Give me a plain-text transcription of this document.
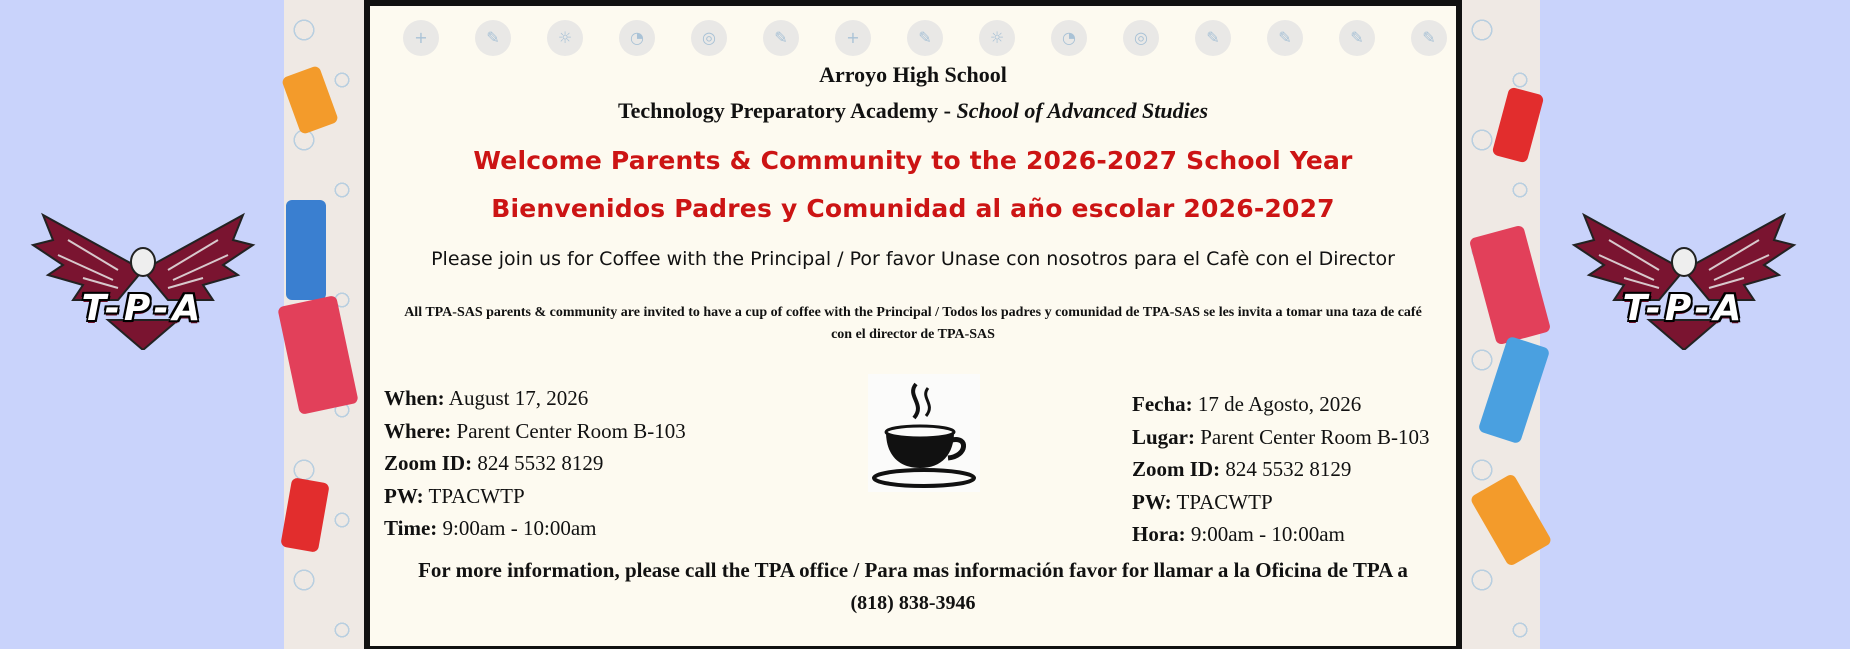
T-P-A	T-P-A
+	✎	☼	◔	◎	✎	+	✎	☼	◔	◎	✎	✎	✎	✎
Arroyo High School
Technology Preparatory Academy - School of Advanced Studies
Welcome Parents & Community to the 2026-2027 School Year
Bienvenidos Padres y Comunidad al año escolar 2026-2027
Please join us for Coffee with the Principal / Por favor Unase con nosotros para el Cafè con el Director
All TPA-SAS parents & community are invited to have a cup of coffee with the Principal / Todos los padres y comunidad de TPA-SAS se les invita a tomar una taza de café con el director de TPA-SAS
When: August 17, 2026
Where: Parent Center Room B-103
Zoom ID: 824 5532 8129
PW: TPACWTP
Time: 9:00am - 10:00am
Fecha: 17 de Agosto, 2026
Lugar: Parent Center Room B-103
Zoom ID: 824 5532 8129
PW: TPACWTP
Hora: 9:00am - 10:00am
For more information, please call the TPA office / Para mas información favor for llamar a la Oficina de TPA a
(818) 838-3946
